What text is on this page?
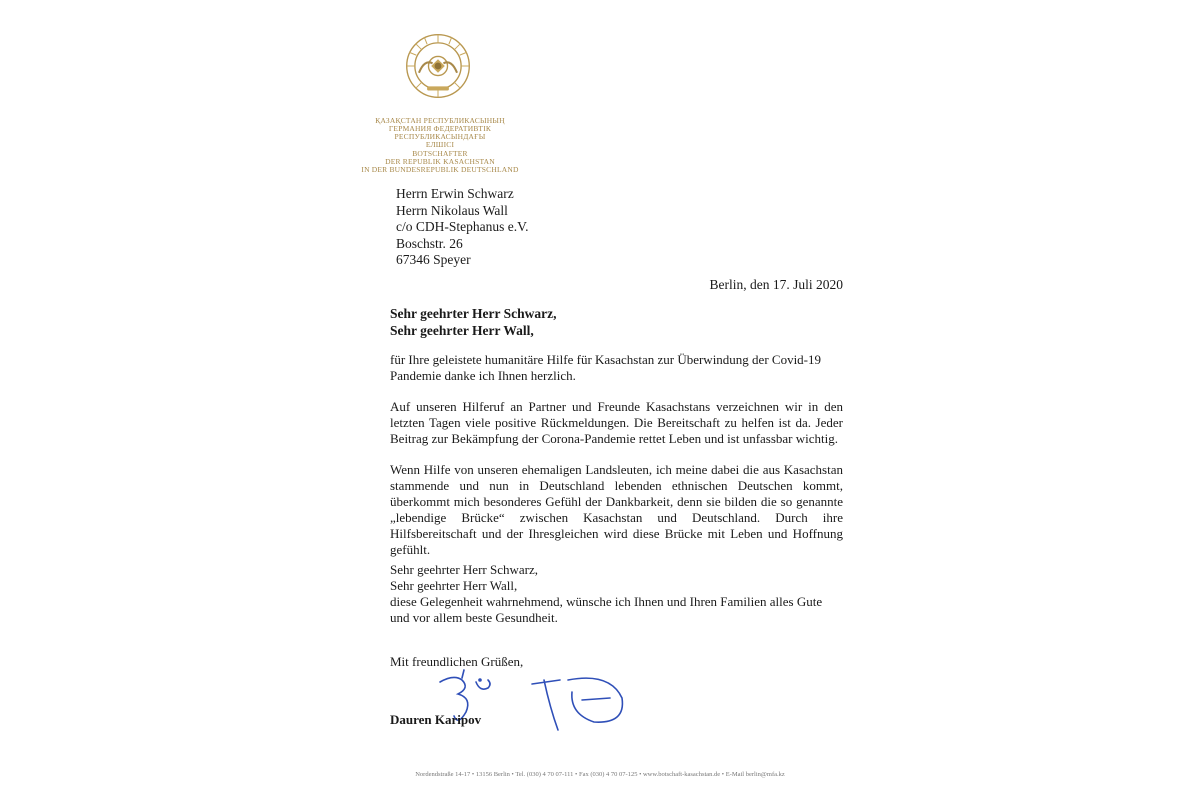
ҚАЗАҚСТАН РЕСПУБЛИКАСЫНЫҢ
ГЕРМАНИЯ ФЕДЕРАТИВТІК
РЕСПУБЛИКАСЫНДАҒЫ
ЕЛШІСІ
BOTSCHAFTER
DER REPUBLIK KASACHSTAN
IN DER BUNDESREPUBLIK DEUTSCHLAND
Herrn Erwin Schwarz
Herrn Nikolaus Wall
c/o CDH-Stephanus e.V.
Boschstr. 26
67346 Speyer
Berlin, den 17. Juli 2020
Sehr geehrter Herr Schwarz,
Sehr geehrter Herr Wall,
für Ihre geleistete humanitäre Hilfe für Kasachstan zur Überwindung der Covid-19 Pandemie danke ich Ihnen herzlich.
Auf unseren Hilferuf an Partner und Freunde Kasachstans verzeichnen wir in den letzten Tagen viele positive Rückmeldungen. Die Bereitschaft zu helfen ist da. Jeder Beitrag zur Bekämpfung der Corona-Pandemie rettet Leben und ist unfassbar wichtig.
Wenn Hilfe von unseren ehemaligen Landsleuten, ich meine dabei die aus Kasachstan stammende und nun in Deutschland lebenden ethnischen Deutschen kommt, überkommt mich besonderes Gefühl der Dankbarkeit, denn sie bilden die so genannte „lebendige Brücke“ zwischen Kasachstan und Deutschland. Durch ihre Hilfsbereitschaft und der Ihresgleichen wird diese Brücke mit Leben und Hoffnung gefühlt.
Sehr geehrter Herr Schwarz,
Sehr geehrter Herr Wall,
diese Gelegenheit wahrnehmend, wünsche ich Ihnen und Ihren Familien alles Gute und vor allem beste Gesundheit.
Mit freundlichen Grüßen,
Dauren Karipov
Nordendstraße 14-17 • 13156 Berlin • Tel. (030) 4 70 07-111 • Fax (030) 4 70 07-125 • www.botschaft-kasachstan.de • E-Mail berlin@mfa.kz
